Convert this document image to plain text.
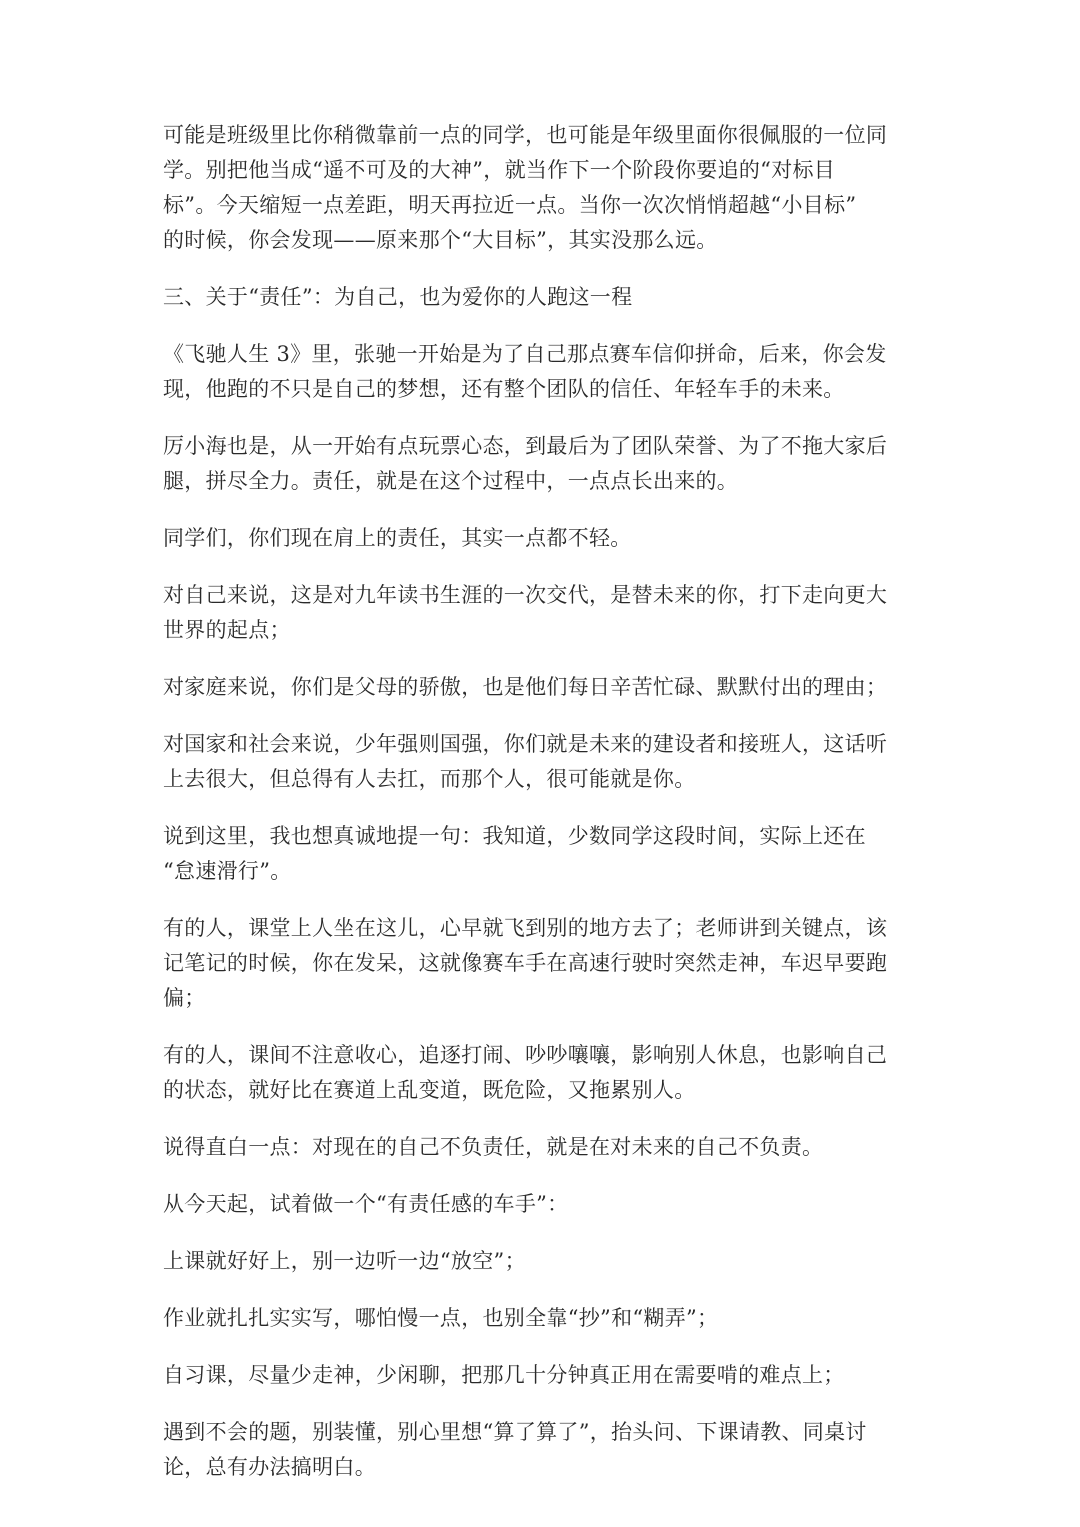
可能是班级里比你稍微靠前一点的同学，也可能是年级里面你很佩服的一位同
学。别把他当成“遥不可及的大神”，就当作下一个阶段你要追的“对标目
标”。今天缩短一点差距，明天再拉近一点。当你一次次悄悄超越“小目标”
的时候，你会发现——原来那个“大目标”，其实没那么远。

三、关于“责任”：为自己，也为爱你的人跑这一程

《飞驰人生 3》里，张驰一开始是为了自己那点赛车信仰拼命，后来，你会发
现，他跑的不只是自己的梦想，还有整个团队的信任、年轻车手的未来。

厉小海也是，从一开始有点玩票心态，到最后为了团队荣誉、为了不拖大家后
腿，拼尽全力。责任，就是在这个过程中，一点点长出来的。

同学们，你们现在肩上的责任，其实一点都不轻。

对自己来说，这是对九年读书生涯的一次交代，是替未来的你，打下走向更大
世界的起点；

对家庭来说，你们是父母的骄傲，也是他们每日辛苦忙碌、默默付出的理由；

对国家和社会来说，少年强则国强，你们就是未来的建设者和接班人，这话听
上去很大，但总得有人去扛，而那个人，很可能就是你。

说到这里，我也想真诚地提一句：我知道，少数同学这段时间，实际上还在
“怠速滑行”。

有的人，课堂上人坐在这儿，心早就飞到别的地方去了；老师讲到关键点，该
记笔记的时候，你在发呆，这就像赛车手在高速行驶时突然走神，车迟早要跑
偏；

有的人，课间不注意收心，追逐打闹、吵吵嚷嚷，影响别人休息，也影响自己
的状态，就好比在赛道上乱变道，既危险，又拖累别人。

说得直白一点：对现在的自己不负责任，就是在对未来的自己不负责。

从今天起，试着做一个“有责任感的车手”：

上课就好好上，别一边听一边“放空”；

作业就扎扎实实写，哪怕慢一点，也别全靠“抄”和“糊弄”；

自习课，尽量少走神，少闲聊，把那几十分钟真正用在需要啃的难点上；

遇到不会的题，别装懂，别心里想“算了算了”，抬头问、下课请教、同桌讨
论，总有办法搞明白。
